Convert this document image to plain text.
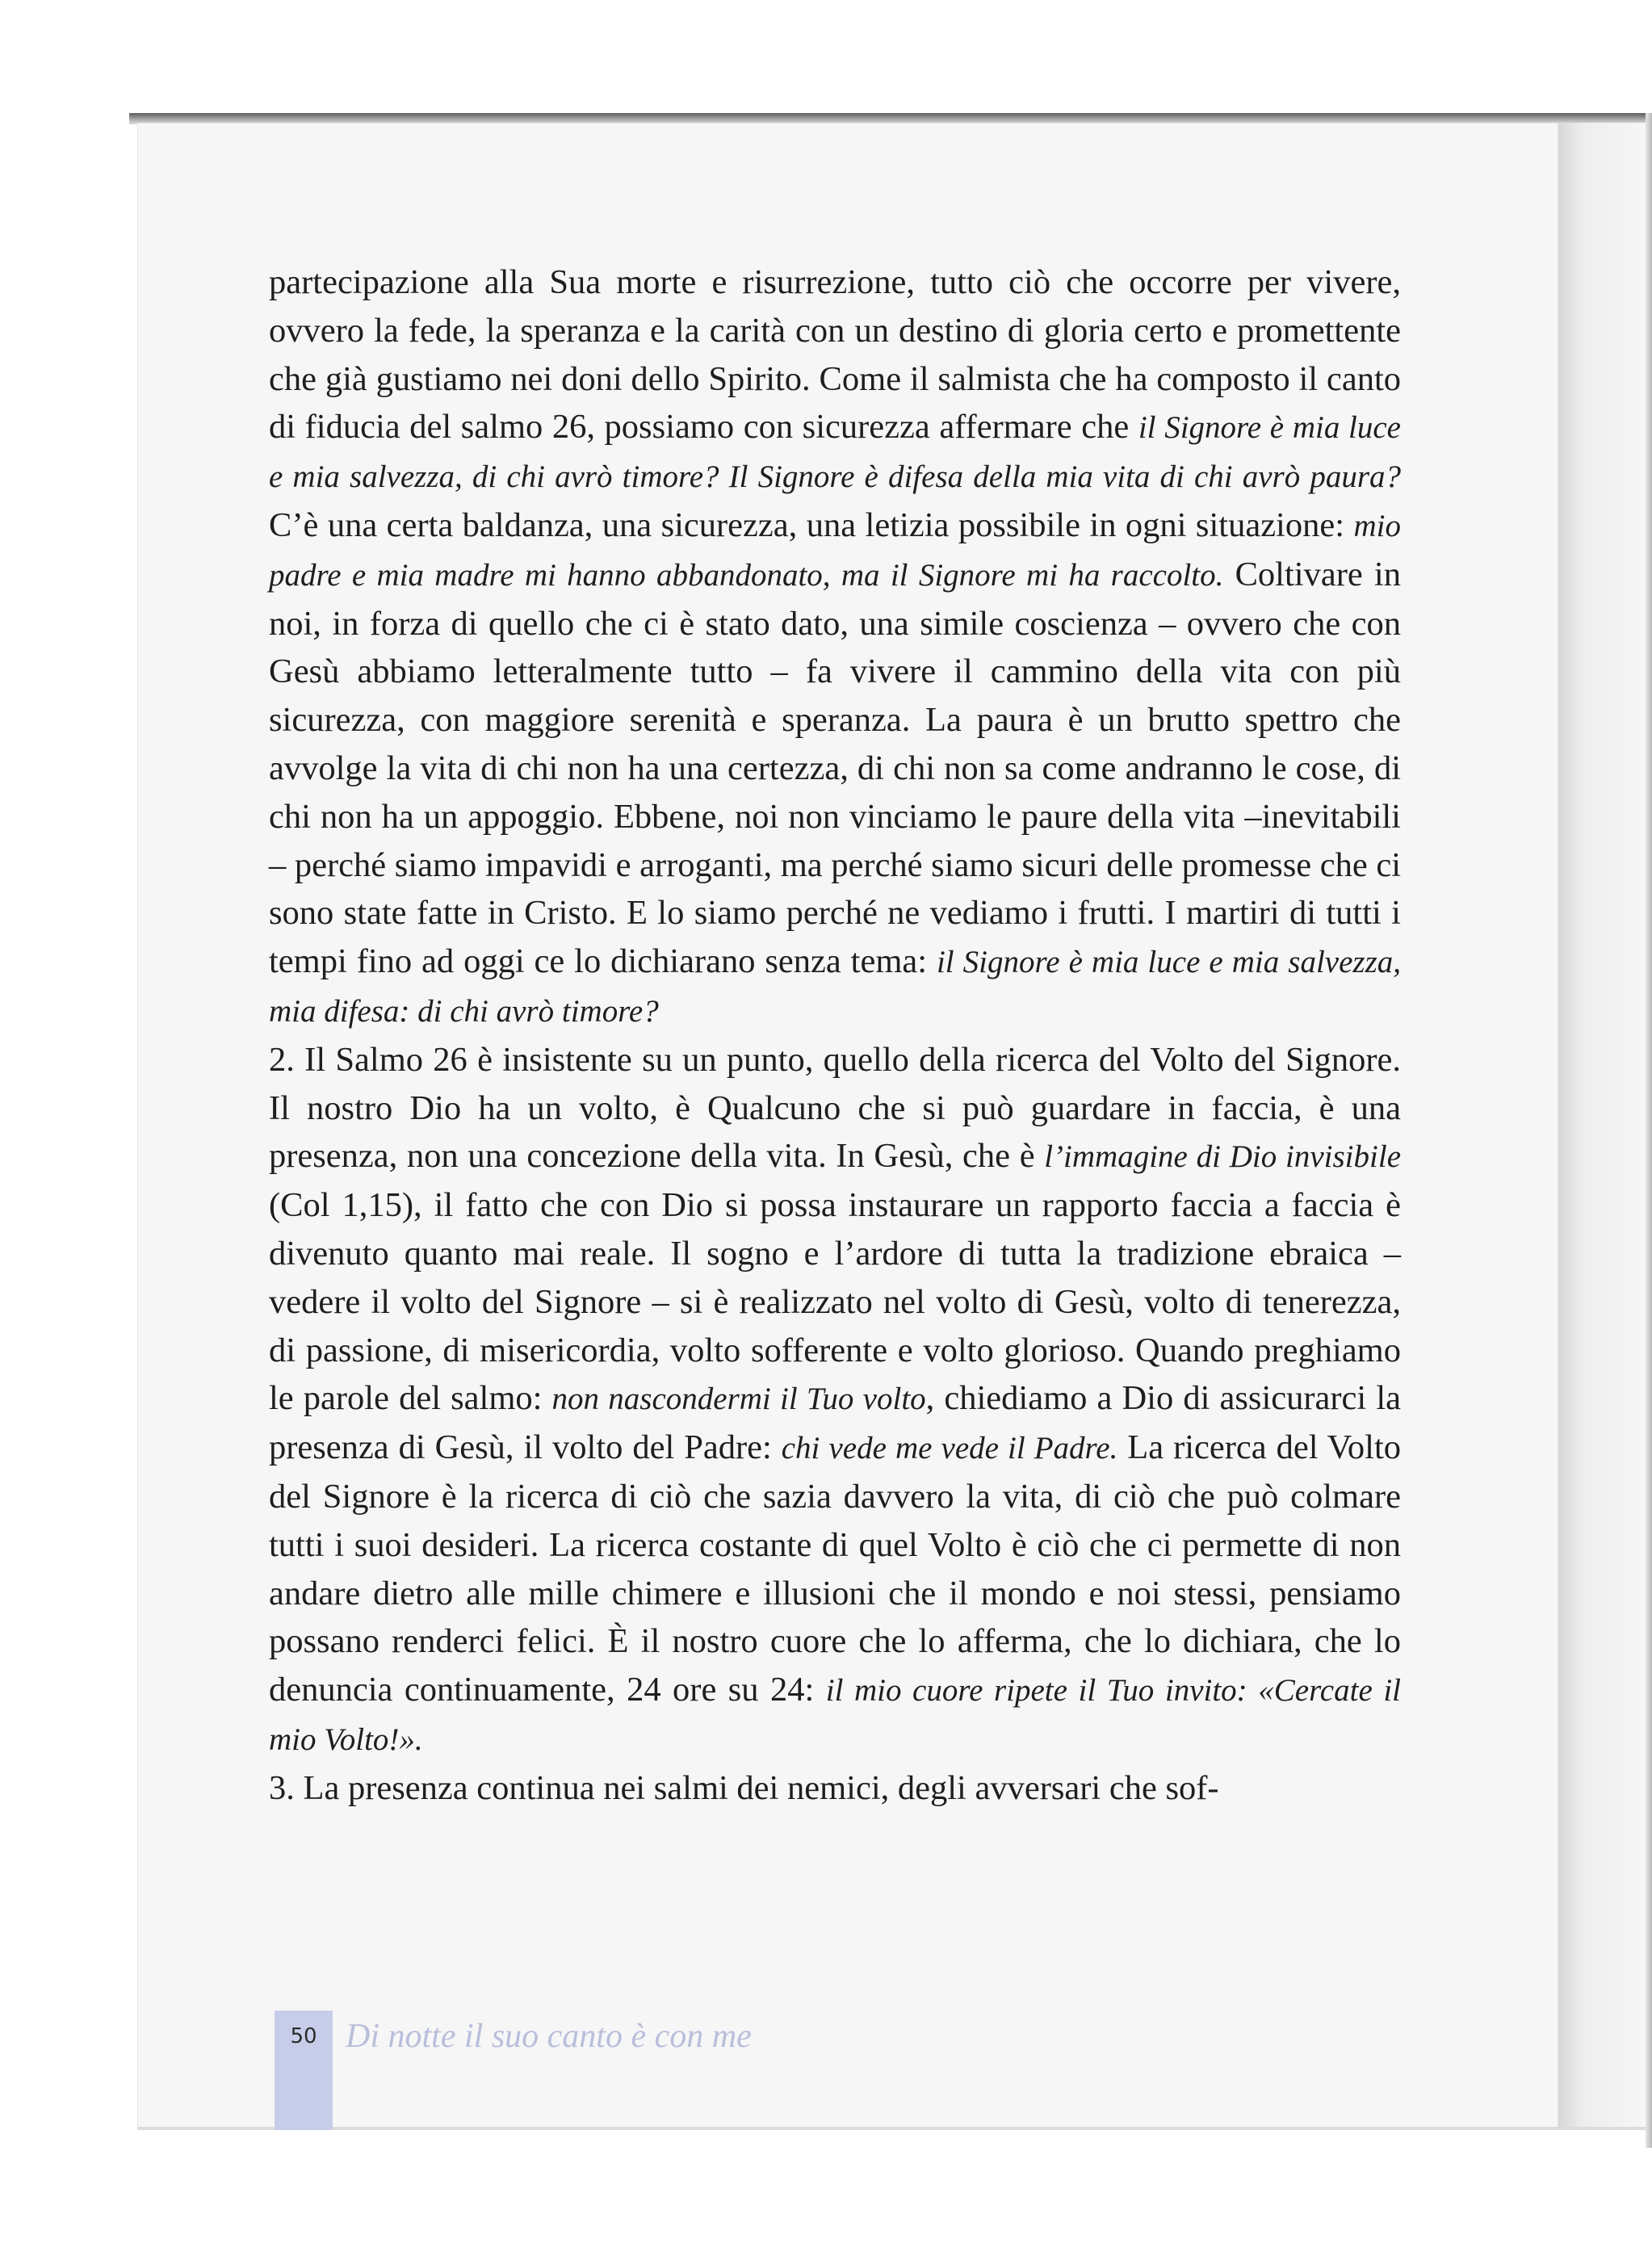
partecipazione alla Sua morte e risurrezione, tutto ciò che occorre per vivere, ovvero la fede, la speranza e la carità con un destino di gloria certo e promettente che già gustiamo nei doni dello Spirito. Come il salmista che ha composto il canto di fiducia del salmo 26, possiamo con sicurezza affermare che il Signore è mia luce e mia salvezza, di chi avrò timore? Il Signore è difesa della mia vita di chi avrò paura? C’è una certa baldanza, una sicurezza, una letizia possibile in ogni situazione: mio padre e mia madre mi hanno abbandonato, ma il Signore mi ha raccolto. Coltivare in noi, in forza di quello che ci è stato dato, una simile coscienza – ovvero che con Gesù abbiamo letteralmente tutto – fa vivere il cammino della vita con più sicurezza, con maggiore serenità e speranza. La paura è un brutto spettro che avvolge la vita di chi non ha una certezza, di chi non sa come andranno le cose, di chi non ha un appoggio. Ebbene, noi non vinciamo le paure della vita –inevitabili – perché siamo impavidi e arroganti, ma perché siamo sicuri delle promesse che ci sono state fatte in Cristo. E lo siamo perché ne vediamo i frutti. I martiri di tutti i tempi fino ad oggi ce lo dichiarano senza tema: il Signore è mia luce e mia salvezza, mia difesa: di chi avrò timore?

2. Il Salmo 26 è insistente su un punto, quello della ricerca del Volto del Signore. Il nostro Dio ha un volto, è Qualcuno che si può guardare in faccia, è una presenza, non una concezione della vita. In Gesù, che è l’immagine di Dio invisibile (Col 1,15), il fatto che con Dio si possa instaurare un rapporto faccia a faccia è divenuto quanto mai reale. Il sogno e l’ardore di tutta la tradizione ebraica – vedere il volto del Signore – si è realizzato nel volto di Gesù, volto di tenerezza, di passione, di misericordia, volto sofferente e volto glorioso. Quando preghiamo le parole del salmo: non nascondermi il Tuo volto, chiediamo a Dio di assicurarci la presenza di Gesù, il volto del Padre: chi vede me vede il Padre. La ricerca del Volto del Signore è la ricerca di ciò che sazia davvero la vita, di ciò che può colmare tutti i suoi desideri. La ricerca costante di quel Volto è ciò che ci permette di non andare dietro alle mille chimere e illusioni che il mondo e noi stessi, pensiamo possano renderci felici. È il nostro cuore che lo afferma, che lo dichiara, che lo denuncia continuamente, 24 ore su 24: il mio cuore ripete il Tuo invito: «Cercate il mio Volto!».

3. La presenza continua nei salmi dei nemici, degli avversari che sof-

50 Di notte il suo canto è con me
